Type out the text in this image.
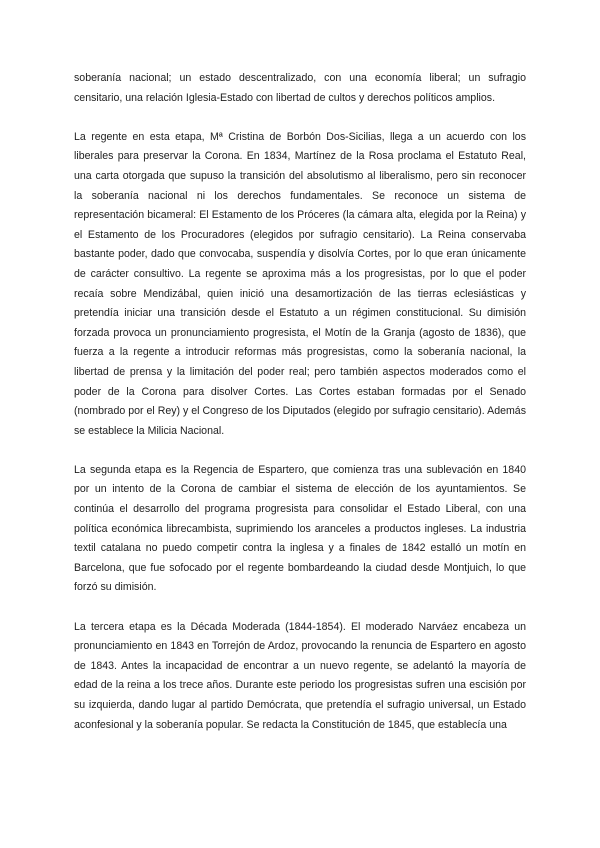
soberanía nacional; un estado descentralizado, con una economía liberal; un sufragio censitario, una relación Iglesia-Estado con libertad de cultos y derechos políticos amplios.

La regente en esta etapa, Mª Cristina de Borbón Dos-Sicilias, llega a un acuerdo con los liberales para preservar la Corona. En 1834, Martínez de la Rosa proclama el Estatuto Real, una carta otorgada que supuso la transición del absolutismo al liberalismo, pero sin reconocer la soberanía nacional ni los derechos fundamentales. Se reconoce un sistema de representación bicameral: El Estamento de los Próceres (la cámara alta, elegida por la Reina) y el Estamento de los Procuradores (elegidos por sufragio censitario). La Reina conservaba bastante poder, dado que convocaba, suspendía y disolvía Cortes, por lo que eran únicamente de carácter consultivo. La regente se aproxima más a los progresistas, por lo que el poder recaía sobre Mendizábal, quien inició una desamortización de las tierras eclesiásticas y pretendía iniciar una transición desde el Estatuto a un régimen constitucional. Su dimisión forzada provoca un pronunciamiento progresista, el Motín de la Granja (agosto de 1836), que fuerza a la regente a introducir reformas más progresistas, como la soberanía nacional, la libertad de prensa y la limitación del poder real; pero también aspectos moderados como el poder de la Corona para disolver Cortes. Las Cortes estaban formadas por el Senado (nombrado por el Rey) y el Congreso de los Diputados (elegido por sufragio censitario). Además se establece la Milicia Nacional.

La segunda etapa es la Regencia de Espartero, que comienza tras una sublevación en 1840 por un intento de la Corona de cambiar el sistema de elección de los ayuntamientos. Se continúa el desarrollo del programa progresista para consolidar el Estado Liberal, con una política económica librecambista, suprimiendo los aranceles a productos ingleses. La industria textil catalana no puedo competir contra la inglesa y a finales de 1842 estalló un motín en Barcelona, que fue sofocado por el regente bombardeando la ciudad desde Montjuich, lo que forzó su dimisión.

La tercera etapa es la Década Moderada (1844-1854). El moderado Narváez encabeza un pronunciamiento en 1843 en Torrejón de Ardoz, provocando la renuncia de Espartero en agosto de 1843. Antes la incapacidad de encontrar a un nuevo regente, se adelantó la mayoría de edad de la reina a los trece años. Durante este periodo los progresistas sufren una escisión por su izquierda, dando lugar al partido Demócrata, que pretendía el sufragio universal, un Estado aconfesional y la soberanía popular. Se redacta la Constitución de 1845, que establecía una
